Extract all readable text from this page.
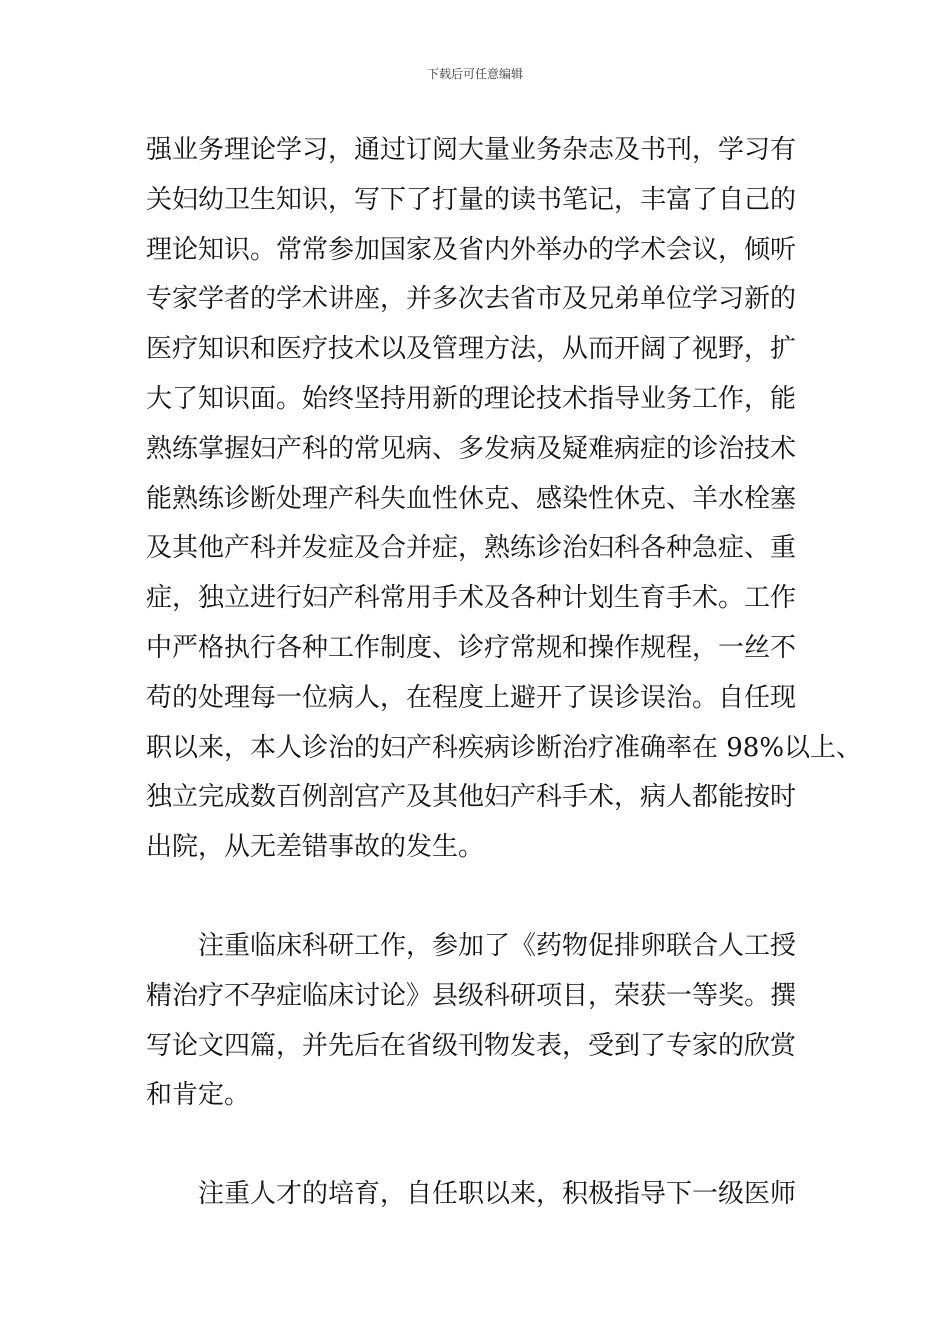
下载后可任意编辑
强业务理论学习，通过订阅大量业务杂志及书刊，学习有
关妇幼卫生知识，写下了打量的读书笔记，丰富了自己的
理论知识。常常参加国家及省内外举办的学术会议，倾听
专家学者的学术讲座，并多次去省市及兄弟单位学习新的
医疗知识和医疗技术以及管理方法，从而开阔了视野，扩
大了知识面。始终坚持用新的理论技术指导业务工作，能
熟练掌握妇产科的常见病、多发病及疑难病症的诊治技术
能熟练诊断处理产科失血性休克、感染性休克、羊水栓塞
及其他产科并发症及合并症，熟练诊治妇科各种急症、重
症，独立进行妇产科常用手术及各种计划生育手术。工作
中严格执行各种工作制度、诊疗常规和操作规程，一丝不
苟的处理每一位病人，在程度上避开了误诊误治。自任现
职以来，本人诊治的妇产科疾病诊断治疗准确率在 98%以上、
独立完成数百例剖宫产及其他妇产科手术，病人都能按时
出院，从无差错事故的发生。
　　注重临床科研工作，参加了《药物促排卵联合人工授
精治疗不孕症临床讨论》县级科研项目，荣获一等奖。撰
写论文四篇，并先后在省级刊物发表，受到了专家的欣赏
和肯定。
　　注重人才的培育，自任职以来，积极指导下一级医师
